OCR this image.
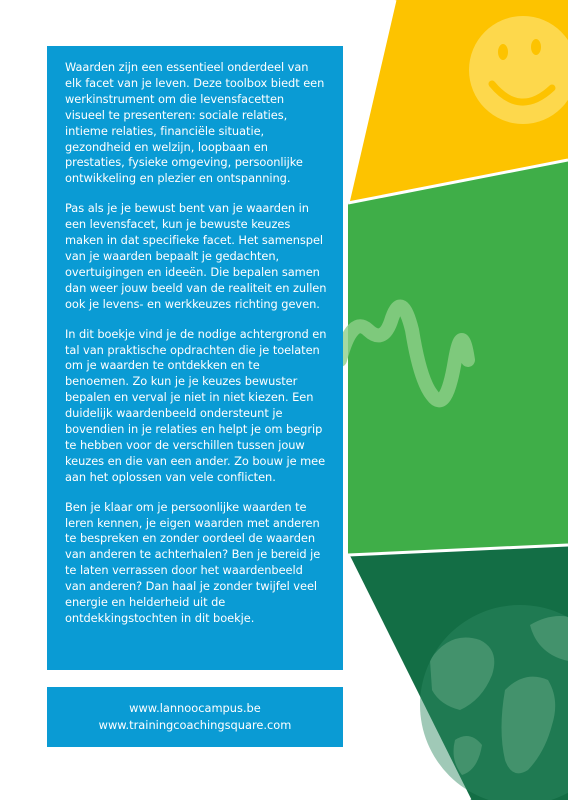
Waarden zijn een essentieel onderdeel van elk facet van je leven. Deze toolbox biedt een werkinstrument om die levensfacetten visueel te presenteren: sociale relaties, intieme relaties, financiële situatie, gezondheid en welzijn, loopbaan en prestaties, fysieke omgeving, persoonlijke ontwikkeling en plezier en ontspanning.

Pas als je je bewust bent van je waarden in een levensfacet, kun je bewuste keuzes maken in dat specifieke facet. Het samenspel van je waarden bepaalt je gedachten, overtuigingen en ideeën. Die bepalen samen dan weer jouw beeld van de realiteit en zullen ook je levens- en werkkeuzes richting geven.

In dit boekje vind je de nodige achtergrond en tal van praktische opdrachten die je toelaten om je waarden te ontdekken en te benoemen. Zo kun je je keuzes bewuster bepalen en verval je niet in niet kiezen. Een duidelijk waardenbeeld ondersteunt je bovendien in je relaties en helpt je om begrip te hebben voor de verschillen tussen jouw keuzes en die van een ander. Zo bouw je mee aan het oplossen van vele conflicten.

Ben je klaar om je persoonlijke waarden te leren kennen, je eigen waarden met anderen te bespreken en zonder oordeel de waarden van anderen te achterhalen? Ben je bereid je te laten verrassen door het waardenbeeld van anderen? Dan haal je zonder twijfel veel energie en helderheid uit de ontdekkingstochten in dit boekje.

www.lannoocampus.be
www.trainingcoachingsquare.com
